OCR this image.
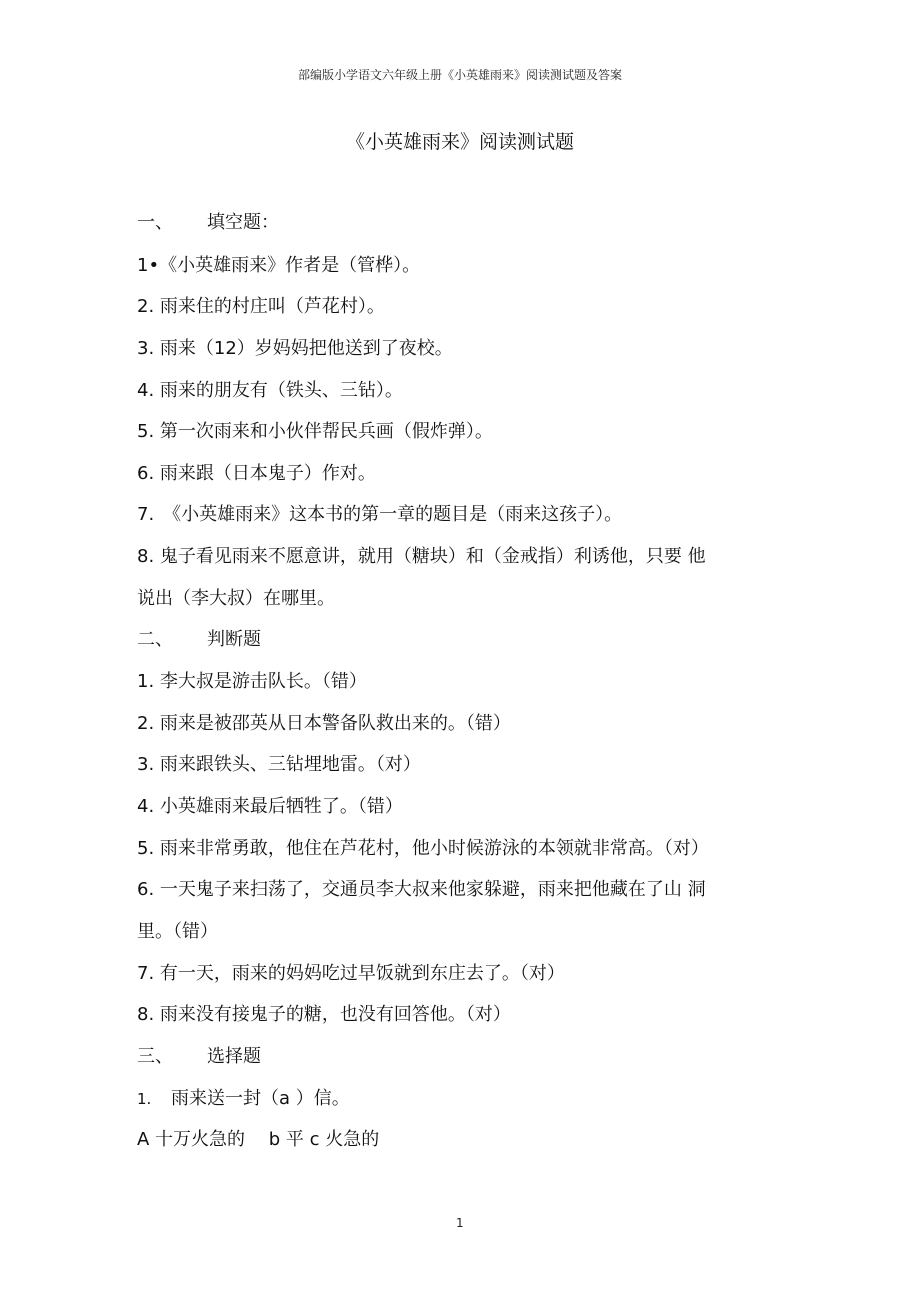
部编版小学语文六年级上册《小英雄雨来》阅读测试题及答案
《小英雄雨来》阅读测试题
一、 填空题：
1•《小英雄雨来》作者是（管桦）。
2. 雨来住的村庄叫（芦花村）。
3. 雨来（12）岁妈妈把他送到了夜校。
4. 雨来的朋友有（铁头、三钻）。
5. 第一次雨来和小伙伴帮民兵画（假炸弹）。
6. 雨来跟（日本鬼子）作对。
7.　《小英雄雨来》这本书的第一章的题目是（雨来这孩子）。
8. 鬼子看见雨来不愿意讲，就用（糖块）和（金戒指）利诱他，只要 他
说出（李大叔）在哪里。
二、 判断题
1. 李大叔是游击队长。（错）
2. 雨来是被邵英从日本警备队救出来的。（错）
3. 雨来跟铁头、三钻埋地雷。（对）
4. 小英雄雨来最后牺牲了。（错）
5. 雨来非常勇敢，他住在芦花村，他小时候游泳的本领就非常高。（对）
6. 一天鬼子来扫荡了，交通员李大叔来他家躲避，雨来把他藏在了山 洞
里。（错）
7. 有一天，雨来的妈妈吃过早饭就到东庄去了。（对）
8. 雨来没有接鬼子的糖，也没有回答他。（对）
三、 选择题
1. 雨来送一封（a ）信。
A 十万火急的　 b 平 c 火急的
1
